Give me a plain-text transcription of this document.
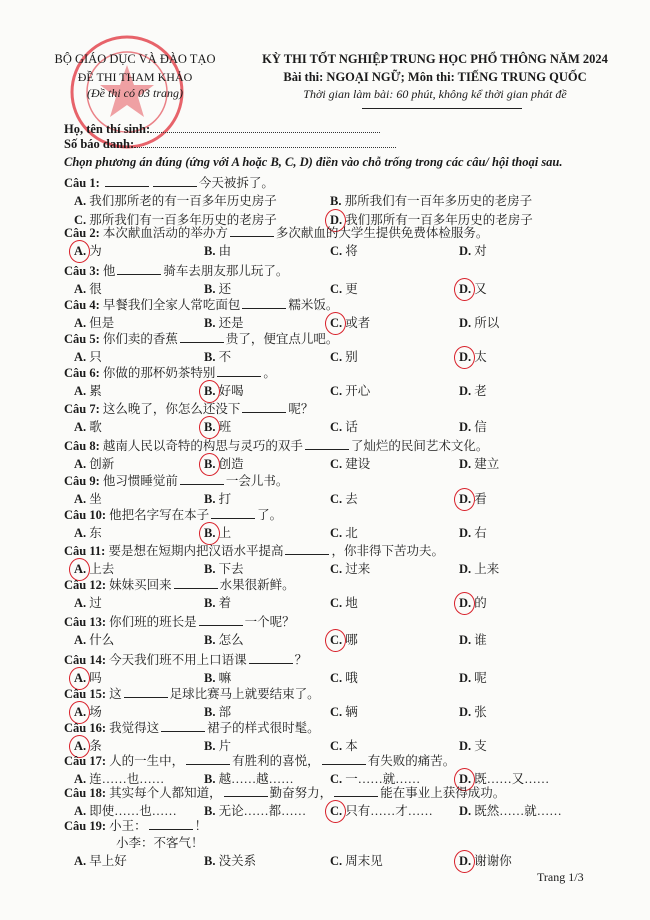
BỘ GIÁO DỤC VÀ ĐÀO TẠO
ĐỀ THI THAM KHẢO
(Đề thi có 03 trang)
KỲ THI TỐT NGHIỆP TRUNG HỌC PHỔ THÔNG NĂM 2024
Bài thi: NGOẠI NGỮ; Môn thi: TIẾNG TRUNG QUỐC
Thời gian làm bài: 60 phút, không kể thời gian phát đề
Họ, tên thí sinh:
Số báo danh:
Chọn phương án đúng (ứng với A hoặc B, C, D) điền vào chỗ trống trong các câu/ hội thoại sau.
Câu 1:	今天被拆了。
A. 我们那所老的有一百多年历史房子	B. 那所我们有一百年多历史的老房子
C. 那所我们有一百多年历史的老房子	D. 我们那所有一百多年历史的老房子
Câu 2: 本次献血活动的举办方	多次献血的大学生提供免费体检服务。
A. 为	B. 由	C. 将	D. 对
Câu 3: 他	骑车去朋友那儿玩了。
A. 很	B. 还	C. 更	D. 又
Câu 4: 早餐我们全家人常吃面包	糯米饭。
A. 但是	B. 还是	C. 或者	D. 所以
Câu 5: 你们卖的香蕉	贵了，便宜点儿吧。
A. 只	B. 不	C. 别	D. 太
Câu 6: 你做的那杯奶茶特别	。
A. 累	B. 好喝	C. 开心	D. 老
Câu 7: 这么晚了，你怎么还没下	呢？
A. 歌	B. 班	C. 话	D. 信
Câu 8: 越南人民以奇特的构思与灵巧的双手	了灿烂的民间艺术文化。
A. 创新	B. 创造	C. 建设	D. 建立
Câu 9: 他习惯睡觉前	一会儿书。
A. 坐	B. 打	C. 去	D. 看
Câu 10: 他把名字写在本子	了。
A. 东	B. 上	C. 北	D. 右
Câu 11: 要是想在短期内把汉语水平提高	，你非得下苦功夫。
A. 上去	B. 下去	C. 过来	D. 上来
Câu 12: 妹妹买回来	水果很新鲜。
A. 过	B. 着	C. 地	D. 的
Câu 13: 你们班的班长是	一个呢？
A. 什么	B. 怎么	C. 哪	D. 谁
Câu 14: 今天我们班不用上口语课	？
A. 吗	B. 嘛	C. 哦	D. 呢
Câu 15: 这	足球比赛马上就要结束了。
A. 场	B. 部	C. 辆	D. 张
Câu 16: 我觉得这	裙子的样式很时髦。
A. 条	B. 片	C. 本	D. 支
Câu 17: 人的一生中，	有胜利的喜悦，	有失败的痛苦。
A. 连……也……	B. 越……越……	C. 一……就……	D. 既……又……
Câu 18: 其实每个人都知道，	勤奋努力，	能在事业上获得成功。
A. 即使……也…… B. 无论……都…… C. 只有……才…… D. 既然……就……
Câu 19: 小王：	！
小李：不客气！
A. 早上好	B. 没关系	C. 周末见	D. 谢谢你
Trang 1/3
